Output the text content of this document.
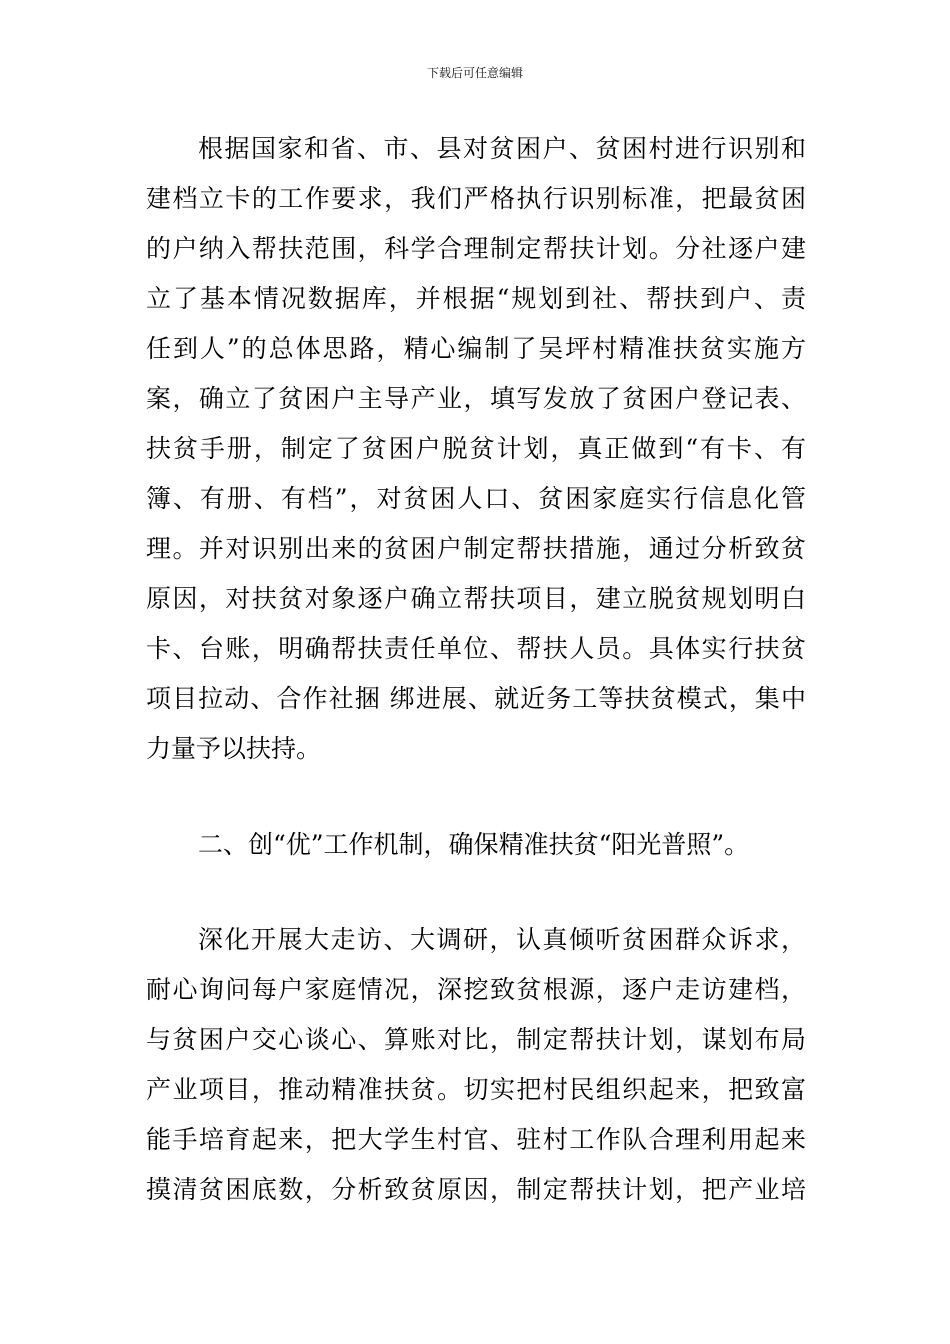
下载后可任意编辑
根据国家和省、市、县对贫困户、贫困村进行识别和
建档立卡的工作要求，我们严格执行识别标准，把最贫困
的户纳入帮扶范围，科学合理制定帮扶计划。分社逐户建
立了基本情况数据库，并根据“规划到社、帮扶到户、责
任到人”的总体思路，精心编制了吴坪村精准扶贫实施方
案，确立了贫困户主导产业，填写发放了贫困户登记表、
扶贫手册，制定了贫困户脱贫计划，真正做到“有卡、有
簿、有册、有档”，对贫困人口、贫困家庭实行信息化管
理。并对识别出来的贫困户制定帮扶措施，通过分析致贫
原因，对扶贫对象逐户确立帮扶项目，建立脱贫规划明白
卡、台账，明确帮扶责任单位、帮扶人员。具体实行扶贫
项目拉动、合作社捆 绑进展、就近务工等扶贫模式，集中
力量予以扶持。
二、创“优”工作机制，确保精准扶贫“阳光普照”。
深化开展大走访、大调研，认真倾听贫困群众诉求，
耐心询问每户家庭情况，深挖致贫根源，逐户走访建档，
与贫困户交心谈心、算账对比，制定帮扶计划，谋划布局
产业项目，推动精准扶贫。切实把村民组织起来，把致富
能手培育起来，把大学生村官、驻村工作队合理利用起来
摸清贫困底数，分析致贫原因，制定帮扶计划，把产业培
